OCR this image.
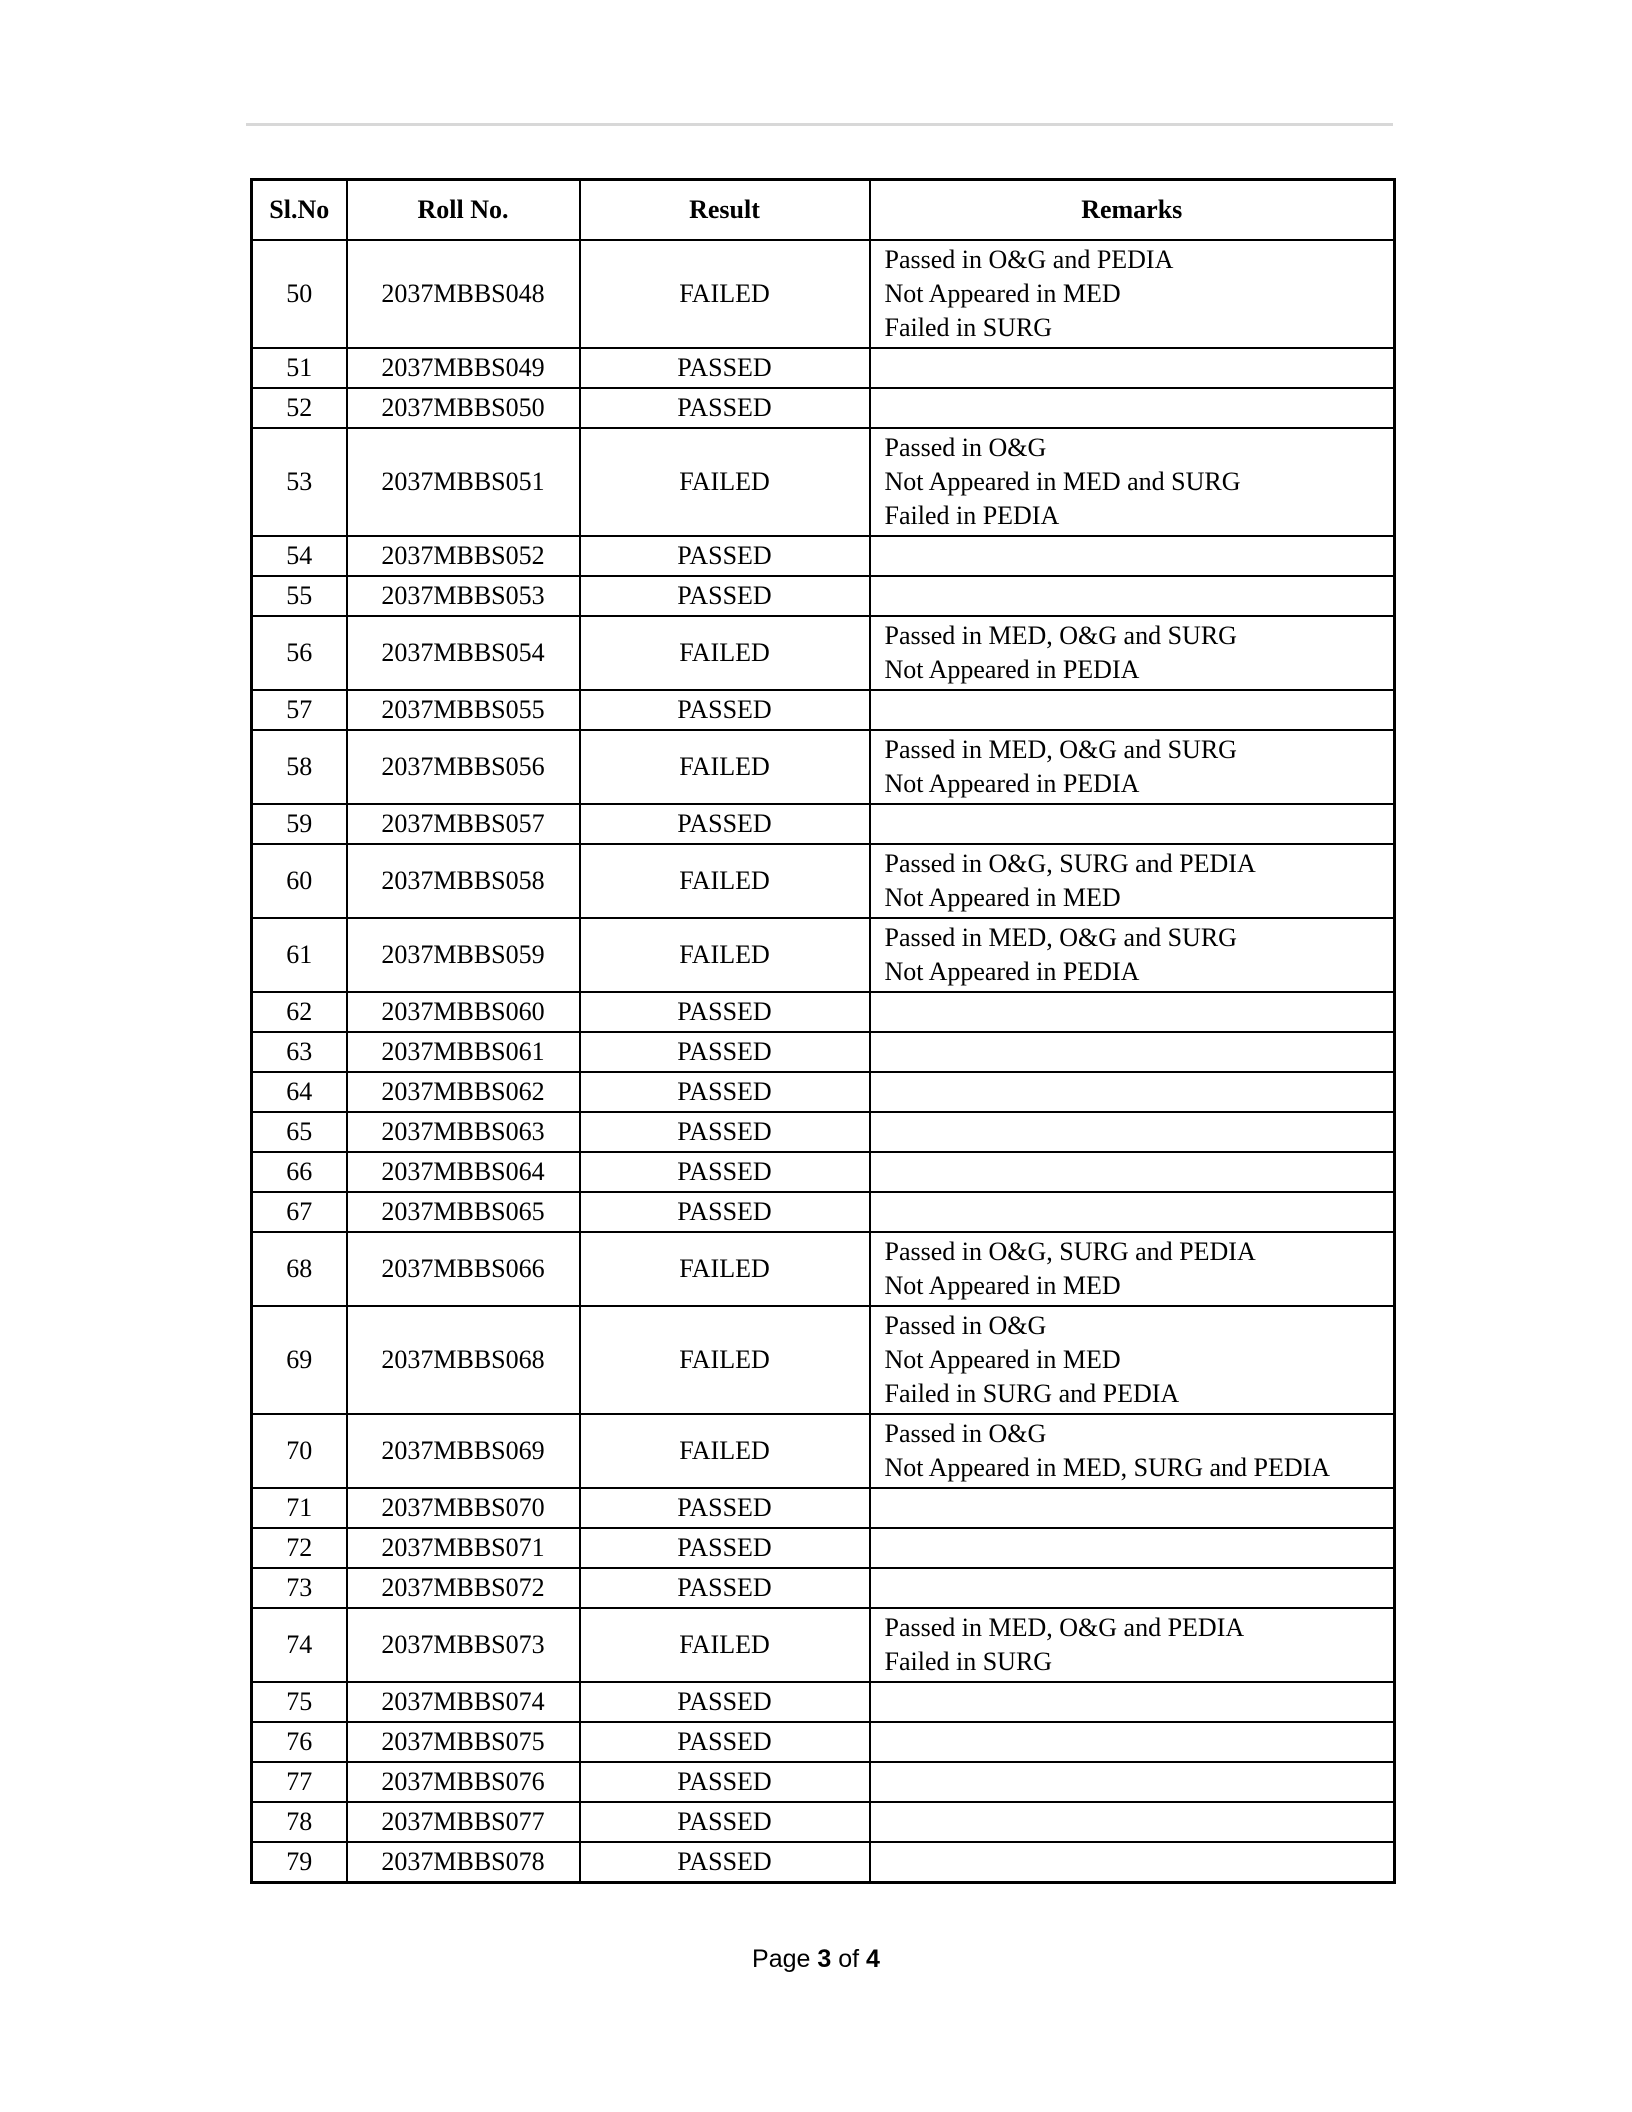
Sl.No	Roll No.	Result	Remarks
50	2037MBBS048	FAILED	Passed in O&G and PEDIA
Not Appeared in MED
Failed in SURG

51	2037MBBS049	PASSED	
52	2037MBBS050	PASSED	
53	2037MBBS051	FAILED	Passed in O&G
Not Appeared in MED and SURG
Failed in PEDIA

54	2037MBBS052	PASSED	
55	2037MBBS053	PASSED	
56	2037MBBS054	FAILED	Passed in MED, O&G and SURG
Not Appeared in PEDIA

57	2037MBBS055	PASSED	
58	2037MBBS056	FAILED	Passed in MED, O&G and SURG
Not Appeared in PEDIA

59	2037MBBS057	PASSED	
60	2037MBBS058	FAILED	Passed in O&G, SURG and PEDIA
Not Appeared in MED

61	2037MBBS059	FAILED	Passed in MED, O&G and SURG
Not Appeared in PEDIA

62	2037MBBS060	PASSED	
63	2037MBBS061	PASSED	
64	2037MBBS062	PASSED	
65	2037MBBS063	PASSED	
66	2037MBBS064	PASSED	
67	2037MBBS065	PASSED	
68	2037MBBS066	FAILED	Passed in O&G, SURG and PEDIA
Not Appeared in MED

69	2037MBBS068	FAILED	Passed in O&G
Not Appeared in MED
Failed in SURG and PEDIA

70	2037MBBS069	FAILED	Passed in O&G
Not Appeared in MED, SURG and PEDIA

71	2037MBBS070	PASSED	
72	2037MBBS071	PASSED	
73	2037MBBS072	PASSED	
74	2037MBBS073	FAILED	Passed in MED, O&G and PEDIA
Failed in SURG

75	2037MBBS074	PASSED	
76	2037MBBS075	PASSED	
77	2037MBBS076	PASSED	
78	2037MBBS077	PASSED	
79	2037MBBS078	PASSED	
Page 3 of 4
